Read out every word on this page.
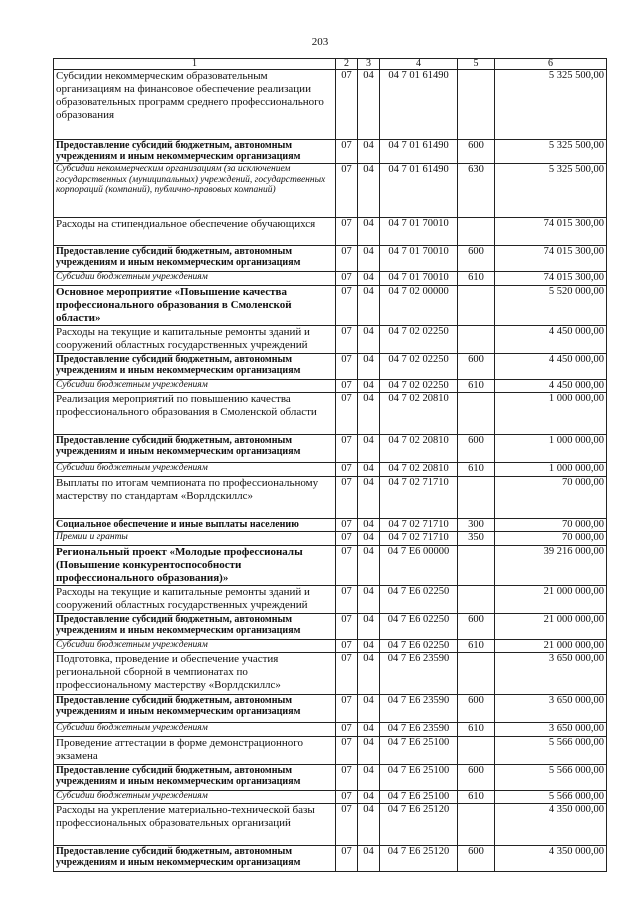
203
1	2	3	4	5	6
Субсидии некоммерческим образовательным организациям на финансовое обеспечение реализации образовательных программ среднего профессионального образования	07	04	04 7 01 61490		5 325 500,00
Предоставление субсидий бюджетным, автономным учреждениям и иным некоммерческим организациям	07	04	04 7 01 61490	600	5 325 500,00
Субсидии некоммерческим организациям (за исключением государственных (муниципальных) учреждений, государственных корпораций (компаний), публично-правовых компаний)	07	04	04 7 01 61490	630	5 325 500,00
Расходы на стипендиальное обеспечение обучающихся	07	04	04 7 01 70010		74 015 300,00
Предоставление субсидий бюджетным, автономным учреждениям и иным некоммерческим организациям	07	04	04 7 01 70010	600	74 015 300,00
Субсидии бюджетным учреждениям	07	04	04 7 01 70010	610	74 015 300,00
Основное мероприятие «Повышение качества профессионального образования в Смоленской области»	07	04	04 7 02 00000		5 520 000,00
Расходы на текущие и капитальные ремонты зданий и сооружений областных государственных учреждений	07	04	04 7 02 02250		4 450 000,00
Предоставление субсидий бюджетным, автономным учреждениям и иным некоммерческим организациям	07	04	04 7 02 02250	600	4 450 000,00
Субсидии бюджетным учреждениям	07	04	04 7 02 02250	610	4 450 000,00
Реализация мероприятий по повышению качества профессионального образования в Смоленской области	07	04	04 7 02 20810		1 000 000,00
Предоставление субсидий бюджетным, автономным учреждениям и иным некоммерческим организациям	07	04	04 7 02 20810	600	1 000 000,00
Субсидии бюджетным учреждениям	07	04	04 7 02 20810	610	1 000 000,00
Выплаты по итогам чемпионата по профессиональному мастерству по стандартам «Ворлдскиллс»	07	04	04 7 02 71710		70 000,00
Социальное обеспечение и иные выплаты населению	07	04	04 7 02 71710	300	70 000,00
Премии и гранты	07	04	04 7 02 71710	350	70 000,00
Региональный проект «Молодые профессионалы (Повышение конкурентоспособности профессионального образования)»	07	04	04 7 E6 00000		39 216 000,00
Расходы на текущие и капитальные ремонты зданий и сооружений областных государственных учреждений	07	04	04 7 E6 02250		21 000 000,00
Предоставление субсидий бюджетным, автономным учреждениям и иным некоммерческим организациям	07	04	04 7 E6 02250	600	21 000 000,00
Субсидии бюджетным учреждениям	07	04	04 7 E6 02250	610	21 000 000,00
Подготовка, проведение и обеспечение участия региональной сборной в чемпионатах по профессиональному мастерству «Ворлдскиллс»	07	04	04 7 E6 23590		3 650 000,00
Предоставление субсидий бюджетным, автономным учреждениям и иным некоммерческим организациям	07	04	04 7 E6 23590	600	3 650 000,00
Субсидии бюджетным учреждениям	07	04	04 7 E6 23590	610	3 650 000,00
Проведение аттестации в форме демонстрационного экзамена	07	04	04 7 E6 25100		5 566 000,00
Предоставление субсидий бюджетным, автономным учреждениям и иным некоммерческим организациям	07	04	04 7 E6 25100	600	5 566 000,00
Субсидии бюджетным учреждениям	07	04	04 7 E6 25100	610	5 566 000,00
Расходы на укрепление материально-технической базы профессиональных образовательных организаций	07	04	04 7 E6 25120		4 350 000,00
Предоставление субсидий бюджетным, автономным учреждениям и иным некоммерческим организациям	07	04	04 7 E6 25120	600	4 350 000,00
